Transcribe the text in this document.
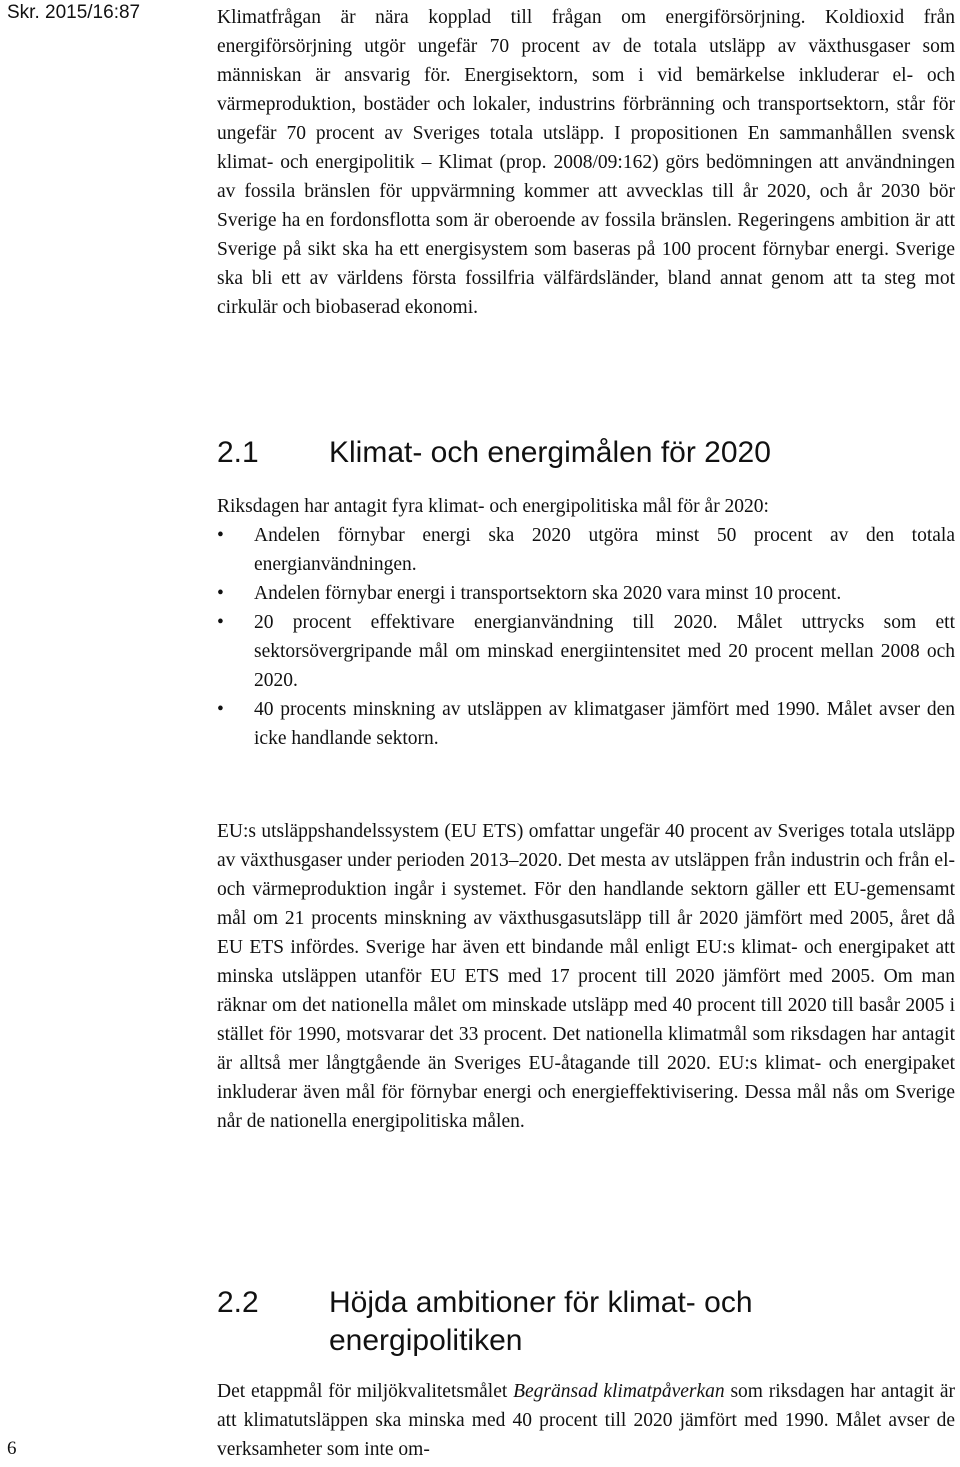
Skr. 2015/16:87	Klimatfrågan är nära kopplad till frågan om energiförsörjning. Koldioxid från energiförsörjning utgör ungefär 70 procent av de totala utsläpp av växthusgaser som människan är ansvarig för. Energisektorn, som i vid bemärkelse inkluderar el- och värmeproduktion, bostäder och lokaler, industrins förbränning och transportsektorn, står för ungefär 70 procent av Sveriges totala utsläpp. I propositionen En sammanhållen svensk klimat- och energipolitik – Klimat (prop. 2008/09:162) görs bedömningen att användningen av fossila bränslen för uppvärmning kommer att avvecklas till år 2020, och år 2030 bör Sverige ha en fordonsflotta som är oberoende av fossila bränslen. Regeringens ambition är att Sverige på sikt ska ha ett energisystem som baseras på 100 procent förnybar energi. Sverige ska bli ett av världens första fossilfria välfärdsländer, bland annat genom att ta steg mot cirkulär och biobaserad ekonomi.

2.1 Klimat- och energimålen för 2020

Riksdagen har antagit fyra klimat- och energipolitiska mål för år 2020:

• Andelen förnybar energi ska 2020 utgöra minst 50 procent av den totala energianvändningen.
• Andelen förnybar energi i transportsektorn ska 2020 vara minst 10 procent.
• 20 procent effektivare energianvändning till 2020. Målet uttrycks som ett sektorsövergripande mål om minskad energiintensitet med 20 procent mellan 2008 och 2020.
• 40 procents minskning av utsläppen av klimatgaser jämfört med 1990. Målet avser den icke handlande sektorn.

EU:s utsläppshandelssystem (EU ETS) omfattar ungefär 40 procent av Sveriges totala utsläpp av växthusgaser under perioden 2013–2020. Det mesta av utsläppen från industrin och från el- och värmeproduktion ingår i systemet. För den handlande sektorn gäller ett EU-gemensamt mål om 21 procents minskning av växthusgasutsläpp till år 2020 jämfört med 2005, året då EU ETS infördes. Sverige har även ett bindande mål enligt EU:s klimat- och energipaket att minska utsläppen utanför EU ETS med 17 procent till 2020 jämfört med 2005. Om man räknar om det nationella målet om minskade utsläpp med 40 procent till 2020 till basår 2005 i stället för 1990, motsvarar det 33 procent. Det nationella klimatmål som riksdagen har antagit är alltså mer långtgående än Sveriges EU-åtagande till 2020. EU:s klimat- och energipaket inkluderar även mål för förnybar energi och energieffektivisering. Dessa mål nås om Sverige når de nationella energipolitiska målen.

2.2 Höjda ambitioner för klimat- och energipolitiken

Det etappmål för miljökvalitetsmålet Begränsad klimatpåverkan som riksdagen har antagit är att klimatutsläppen ska minska med 40 procent till 2020 jämfört med 1990. Målet avser de verksamheter som inte om-

6
